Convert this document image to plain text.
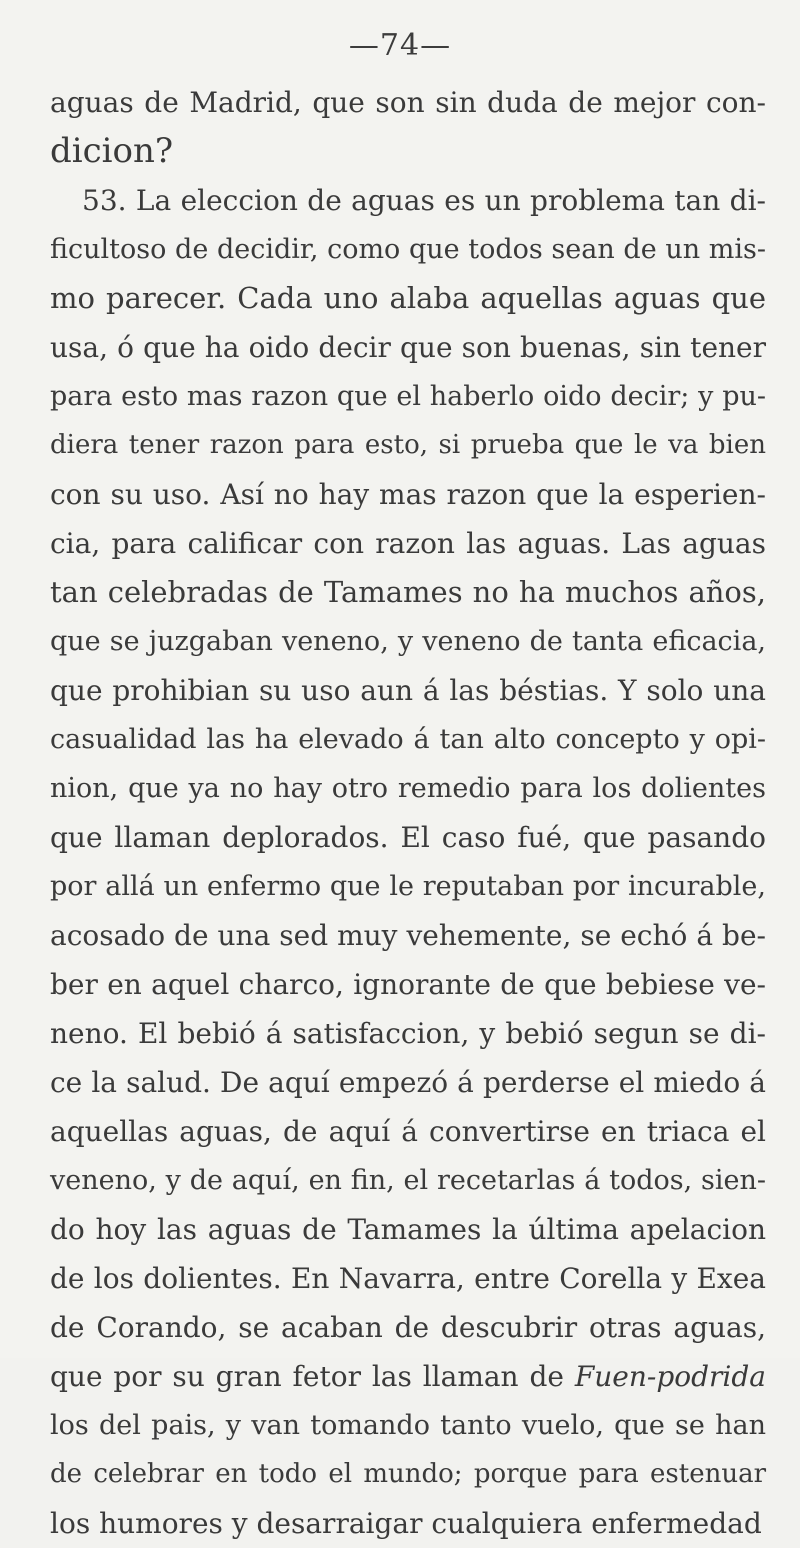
—74—
aguas de Madrid, que son sin duda de mejor con-
dicion?
53. La eleccion de aguas es un problema tan di-
ficultoso de decidir, como que todos sean de un mis-
mo parecer. Cada uno alaba aquellas aguas que
usa, ó que ha oido decir que son buenas, sin tener
para esto mas razon que el haberlo oido decir; y pu-
diera tener razon para esto, si prueba que le va bien
con su uso. Así no hay mas razon que la esperien-
cia, para calificar con razon las aguas. Las aguas
tan celebradas de Tamames no ha muchos años,
que se juzgaban veneno, y veneno de tanta eficacia,
que prohibian su uso aun á las béstias. Y solo una
casualidad las ha elevado á tan alto concepto y opi-
nion, que ya no hay otro remedio para los dolientes
que llaman deplorados. El caso fué, que pasando
por allá un enfermo que le reputaban por incurable,
acosado de una sed muy vehemente, se echó á be-
ber en aquel charco, ignorante de que bebiese ve-
neno. El bebió á satisfaccion, y bebió segun se di-
ce la salud. De aquí empezó á perderse el miedo á
aquellas aguas, de aquí á convertirse en triaca el
veneno, y de aquí, en fin, el recetarlas á todos, sien-
do hoy las aguas de Tamames la última apelacion
de los dolientes. En Navarra, entre Corella y Exea
de Corando, se acaban de descubrir otras aguas,
que por su gran fetor las llaman de Fuen-podrida
los del pais, y van tomando tanto vuelo, que se han
de celebrar en todo el mundo; porque para estenuar
los humores y desarraigar cualquiera enfermedad
